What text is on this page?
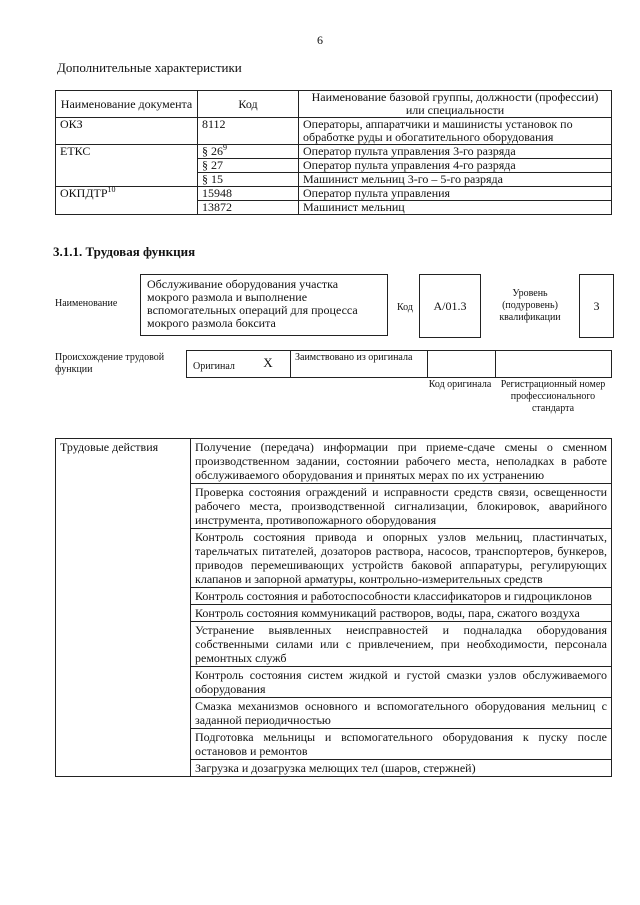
6
Дополнительные характеристики
Наименование документа	Код	Наименование базовой группы, должности (профессии) или специальности
ОКЗ	8112	Операторы, аппаратчики и машинисты установок по обработке руды и обогатительного оборудования
ЕТКС	§ $26^9$	Оператор пульта управления 3-го разряда
	§ 27	Оператор пульта управления 4-го разряда
	§ 15	Машинист мельниц 3-го – 5-го разряда
ОКПДТР$^{10}$	15948	Оператор пульта управления
	13872	Машинист мельниц
3.1.1. Трудовая функция
Наименование
Обслуживание оборудования участка мокрого размола и выполнение вспомогательных операций для процесса мокрого размола боксита
Код	A/01.3
Уровень (подуровень) квалификации
3
Происхождение трудовой функции	Оригинал	X	Заимствовано из оригинала
Код оригинала Регистрационный номер профессионального стандарта
Трудовые действия	Получение (передача) информации при приеме-сдаче смены о сменном производственном задании, состоянии рабочего места, неполадках в работе обслуживаемого оборудования и принятых мерах по их устранению
Проверка состояния ограждений и исправности средств связи, освещенности рабочего места, производственной сигнализации, блокировок, аварийного инструмента, противопожарного оборудования
Контроль состояния привода и опорных узлов мельниц, пластинчатых, тарельчатых питателей, дозаторов раствора, насосов, транспортеров, бункеров, приводов перемешивающих устройств баковой аппаратуры, регулирующих клапанов и запорной арматуры, контрольно-измерительных средств
Контроль состояния и работоспособности классификаторов и гидроциклонов
Контроль состояния коммуникаций растворов, воды, пара, сжатого воздуха
Устранение выявленных неисправностей и подналадка оборудования собственными силами или с привлечением, при необходимости, персонала ремонтных служб
Контроль состояния систем жидкой и густой смазки узлов обслуживаемого оборудования
Смазка механизмов основного и вспомогательного оборудования мельниц с заданной периодичностью
Подготовка мельницы и вспомогательного оборудования к пуску после остановов и ремонтов
Загрузка и дозагрузка мелющих тел (шаров, стержней)
